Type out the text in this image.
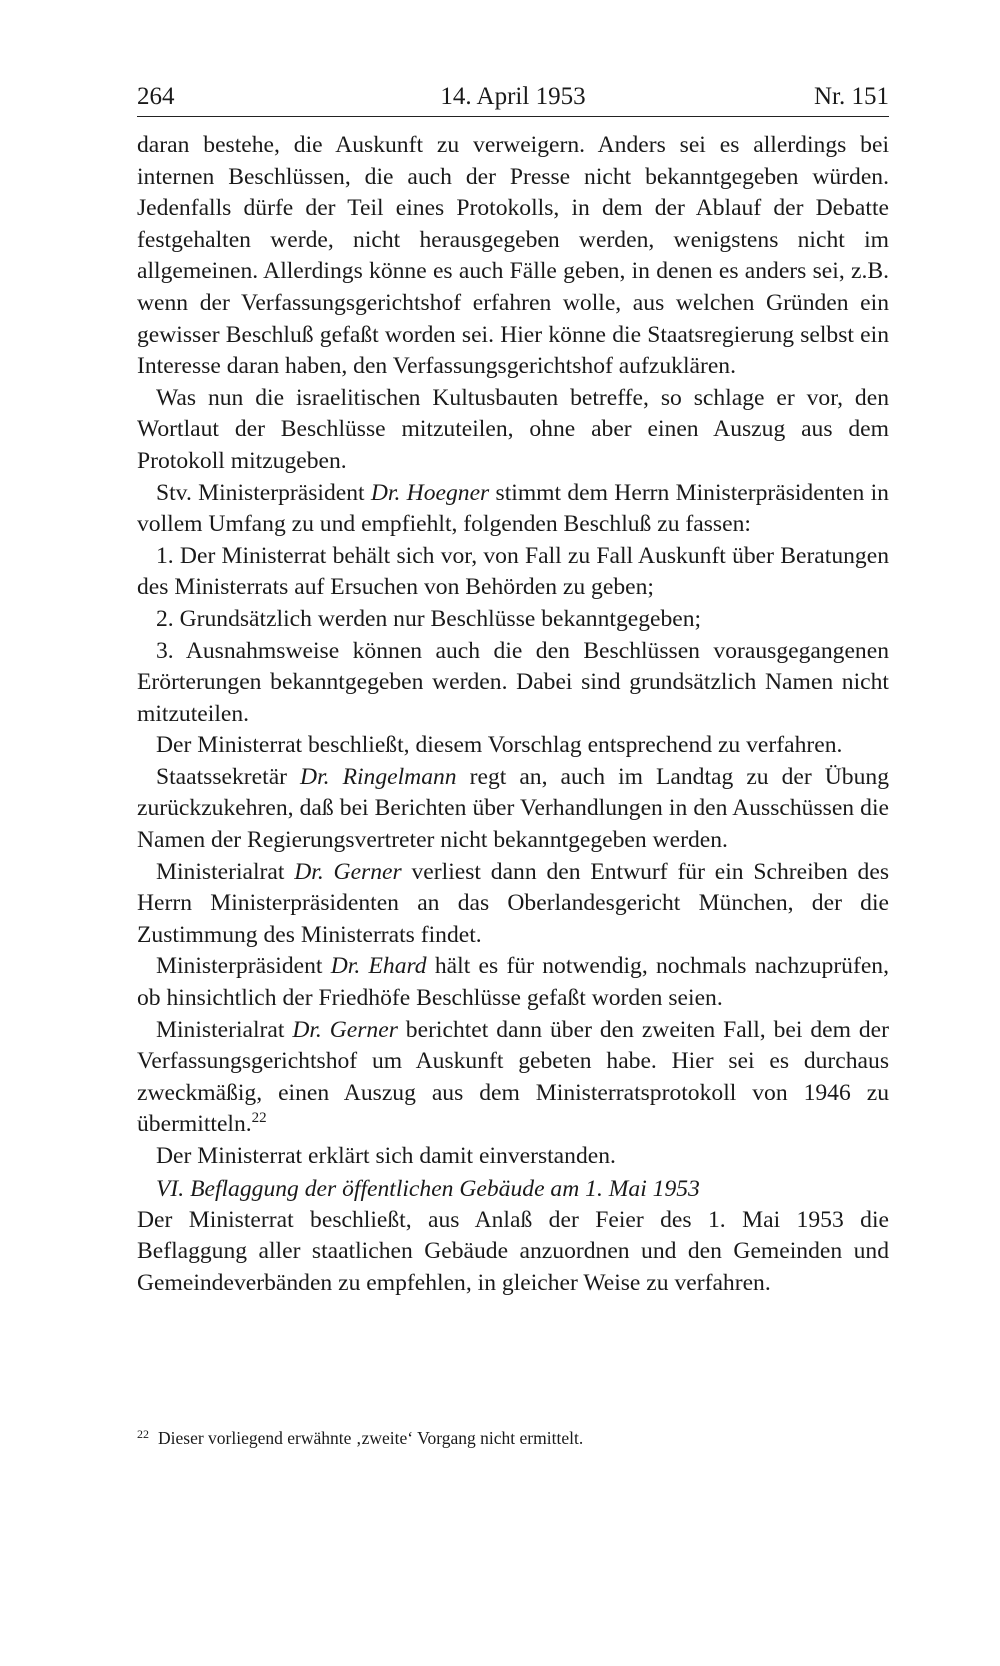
264	14. April 1953	Nr. 151

daran bestehe, die Auskunft zu verweigern. Anders sei es allerdings bei internen Beschlüssen, die auch der Presse nicht bekanntgegeben würden. Jedenfalls dürfe der Teil eines Protokolls, in dem der Ablauf der Debatte festgehalten werde, nicht herausgegeben werden, wenigstens nicht im allgemeinen. Allerdings könne es auch Fälle geben, in denen es anders sei, z.B. wenn der Verfassungsgerichtshof erfahren wolle, aus welchen Gründen ein gewisser Beschluß gefaßt worden sei. Hier könne die Staatsregierung selbst ein Interesse daran haben, den Verfassungsgerichtshof aufzuklären.

Was nun die israelitischen Kultusbauten betreffe, so schlage er vor, den Wortlaut der Beschlüsse mitzuteilen, ohne aber einen Auszug aus dem Protokoll mitzugeben.

Stv. Ministerpräsident Dr. Hoegner stimmt dem Herrn Ministerpräsidenten in vollem Umfang zu und empfiehlt, folgenden Beschluß zu fassen:

1. Der Ministerrat behält sich vor, von Fall zu Fall Auskunft über Beratungen des Ministerrats auf Ersuchen von Behörden zu geben;

2. Grundsätzlich werden nur Beschlüsse bekanntgegeben;

3. Ausnahmsweise können auch die den Beschlüssen vorausgegangenen Erörterungen bekanntgegeben werden. Dabei sind grundsätzlich Namen nicht mitzuteilen.

Der Ministerrat beschließt, diesem Vorschlag entsprechend zu verfahren.

Staatssekretär Dr. Ringelmann regt an, auch im Landtag zu der Übung zurückzukehren, daß bei Berichten über Verhandlungen in den Ausschüssen die Namen der Regierungsvertreter nicht bekanntgegeben werden.

Ministerialrat Dr. Gerner verliest dann den Entwurf für ein Schreiben des Herrn Ministerpräsidenten an das Oberlandesgericht München, der die Zustimmung des Ministerrats findet.

Ministerpräsident Dr. Ehard hält es für notwendig, nochmals nachzuprüfen, ob hinsichtlich der Friedhöfe Beschlüsse gefaßt worden seien.

Ministerialrat Dr. Gerner berichtet dann über den zweiten Fall, bei dem der Verfassungsgerichtshof um Auskunft gebeten habe. Hier sei es durchaus zweckmäßig, einen Auszug aus dem Ministerratsprotokoll von 1946 zu übermitteln.$^{22}$

Der Ministerrat erklärt sich damit einverstanden.

VI. Beflaggung der öffentlichen Gebäude am 1. Mai 1953

Der Ministerrat beschließt, aus Anlaß der Feier des 1. Mai 1953 die Beflaggung aller staatlichen Gebäude anzuordnen und den Gemeinden und Gemeindeverbänden zu empfehlen, in gleicher Weise zu verfahren.

$^{22}$ Dieser vorliegend erwähnte ‚zweite‘ Vorgang nicht ermittelt.
